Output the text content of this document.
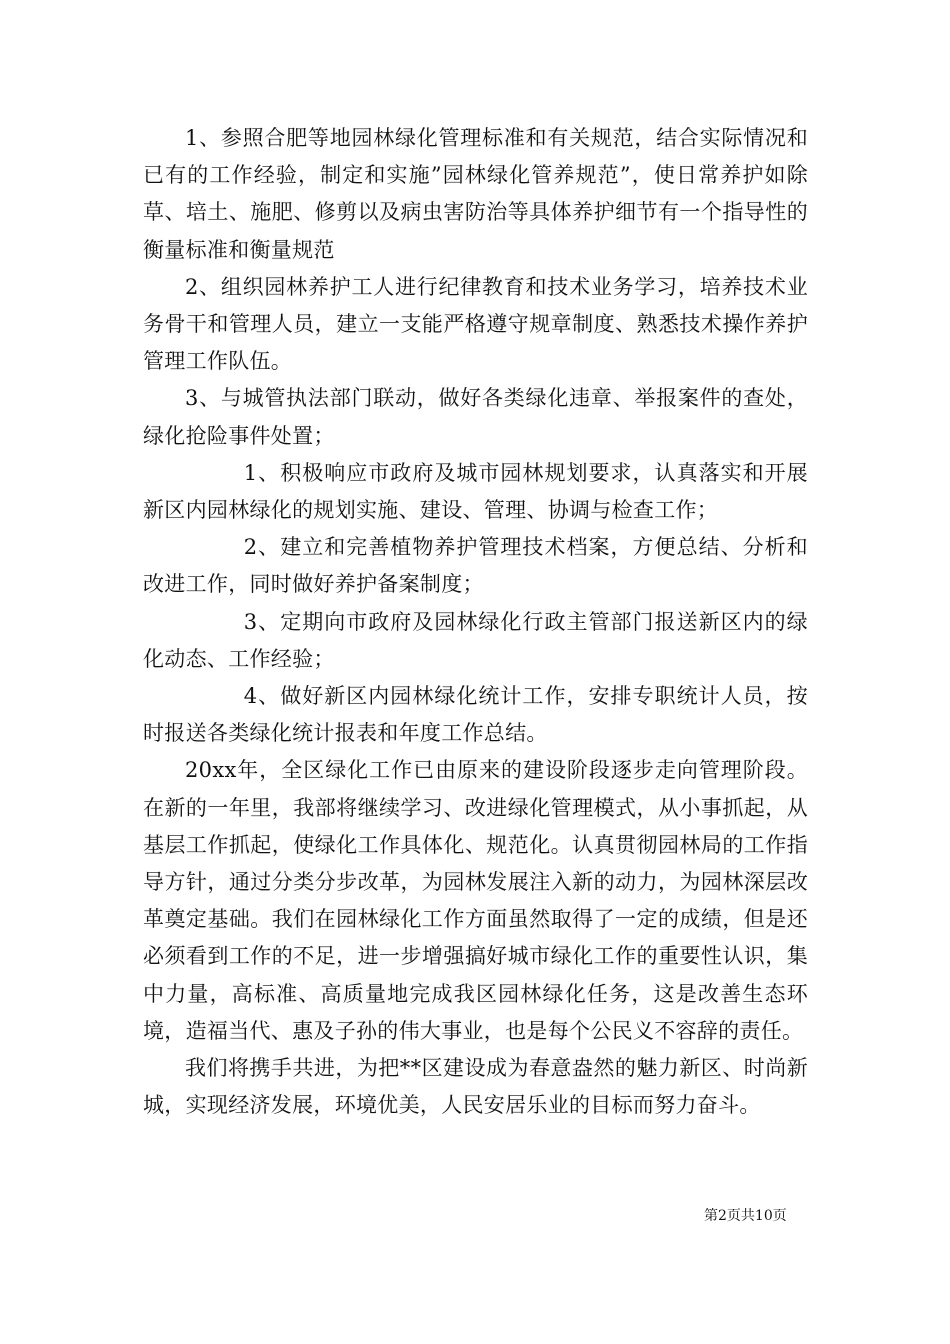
1、参照合肥等地园林绿化管理标准和有关规范，结合实际情况和已有的工作经验，制定和实施”园林绿化管养规范”，使日常养护如除草、培土、施肥、修剪以及病虫害防治等具体养护细节有一个指导性的衡量标准和衡量规范

2、组织园林养护工人进行纪律教育和技术业务学习，培养技术业务骨干和管理人员，建立一支能严格遵守规章制度、熟悉技术操作养护管理工作队伍。

3、与城管执法部门联动，做好各类绿化违章、举报案件的查处，绿化抢险事件处置；

1、积极响应市政府及城市园林规划要求，认真落实和开展新区内园林绿化的规划实施、建设、管理、协调与检查工作；

2、建立和完善植物养护管理技术档案，方便总结、分析和改进工作，同时做好养护备案制度；

3、定期向市政府及园林绿化行政主管部门报送新区内的绿化动态、工作经验；

4、做好新区内园林绿化统计工作，安排专职统计人员，按时报送各类绿化统计报表和年度工作总结。

20xx年，全区绿化工作已由原来的建设阶段逐步走向管理阶段。在新的一年里，我部将继续学习、改进绿化管理模式，从小事抓起，从基层工作抓起，使绿化工作具体化、规范化。认真贯彻园林局的工作指导方针，通过分类分步改革，为园林发展注入新的动力，为园林深层改革奠定基础。我们在园林绿化工作方面虽然取得了一定的成绩，但是还必须看到工作的不足，进一步增强搞好城市绿化工作的重要性认识，集中力量，高标准、高质量地完成我区园林绿化任务，这是改善生态环境，造福当代、惠及子孙的伟大事业，也是每个公民义不容辞的责任。

我们将携手共进，为把**区建设成为春意盎然的魅力新区、时尚新城，实现经济发展，环境优美，人民安居乐业的目标而努力奋斗。

第2页共10页
